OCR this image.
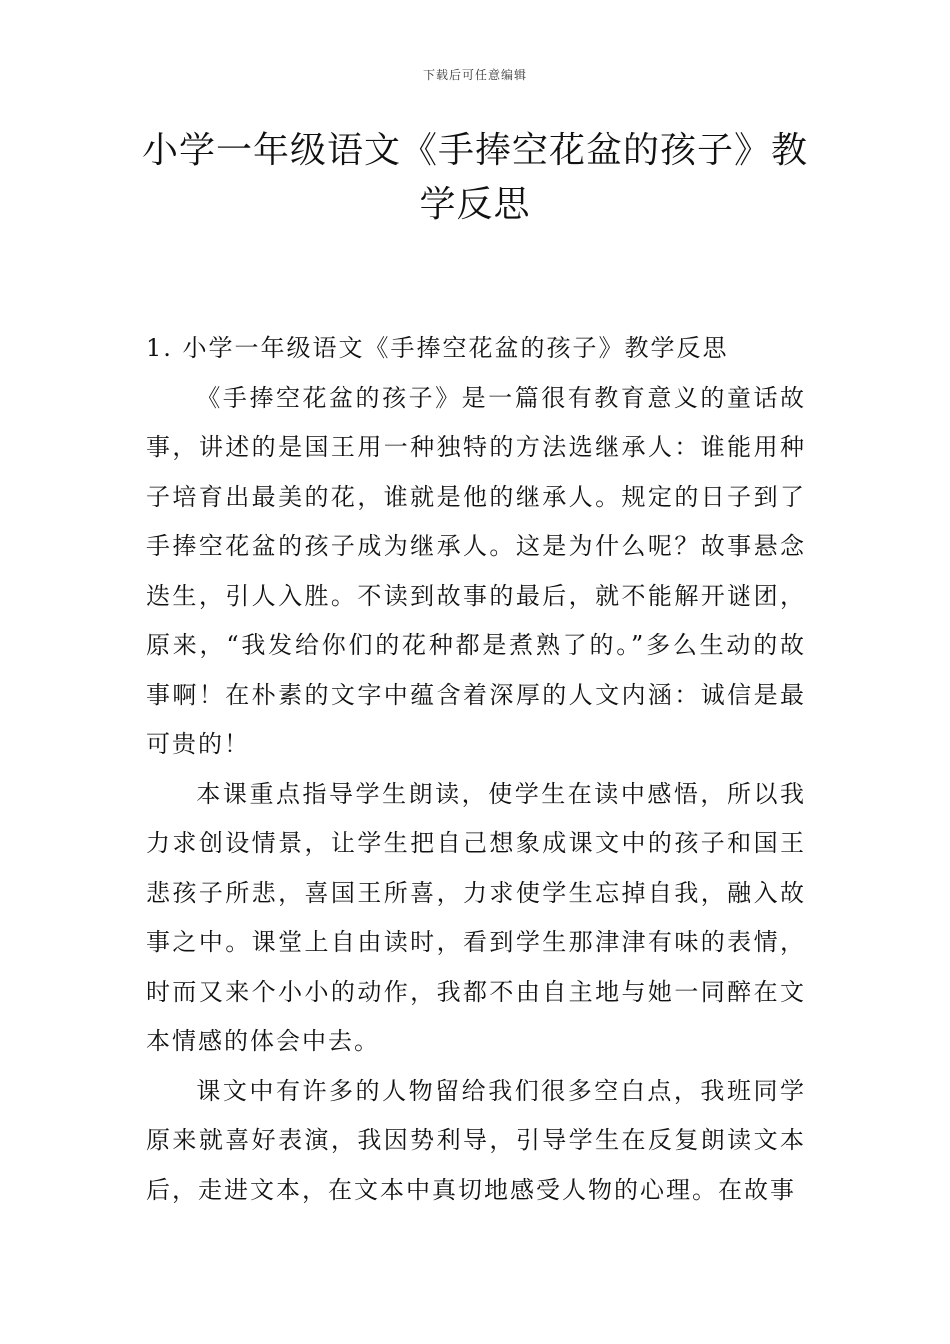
下载后可任意编辑
小学一年级语文《手捧空花盆的孩子》教学反思

1. 小学一年级语文《手捧空花盆的孩子》教学反思

《手捧空花盆的孩子》是一篇很有教育意义的童话故事，讲述的是国王用一种独特的方法选继承人：谁能用种子培育出最美的花，谁就是他的继承人。规定的日子到了手捧空花盆的孩子成为继承人。这是为什么呢？故事悬念迭生，引人入胜。不读到故事的最后，就不能解开谜团，原来，“我发给你们的花种都是煮熟了的。”多么生动的故事啊！在朴素的文字中蕴含着深厚的人文内涵：诚信是最可贵的！

本课重点指导学生朗读，使学生在读中感悟，所以我力求创设情景，让学生把自己想象成课文中的孩子和国王悲孩子所悲，喜国王所喜，力求使学生忘掉自我，融入故事之中。课堂上自由读时，看到学生那津津有味的表情，时而又来个小小的动作，我都不由自主地与她一同醉在文本情感的体会中去。

课文中有许多的人物留给我们很多空白点，我班同学原来就喜好表演，我因势利导，引导学生在反复朗读文本后，走进文本，在文本中真切地感受人物的心理。在故事
